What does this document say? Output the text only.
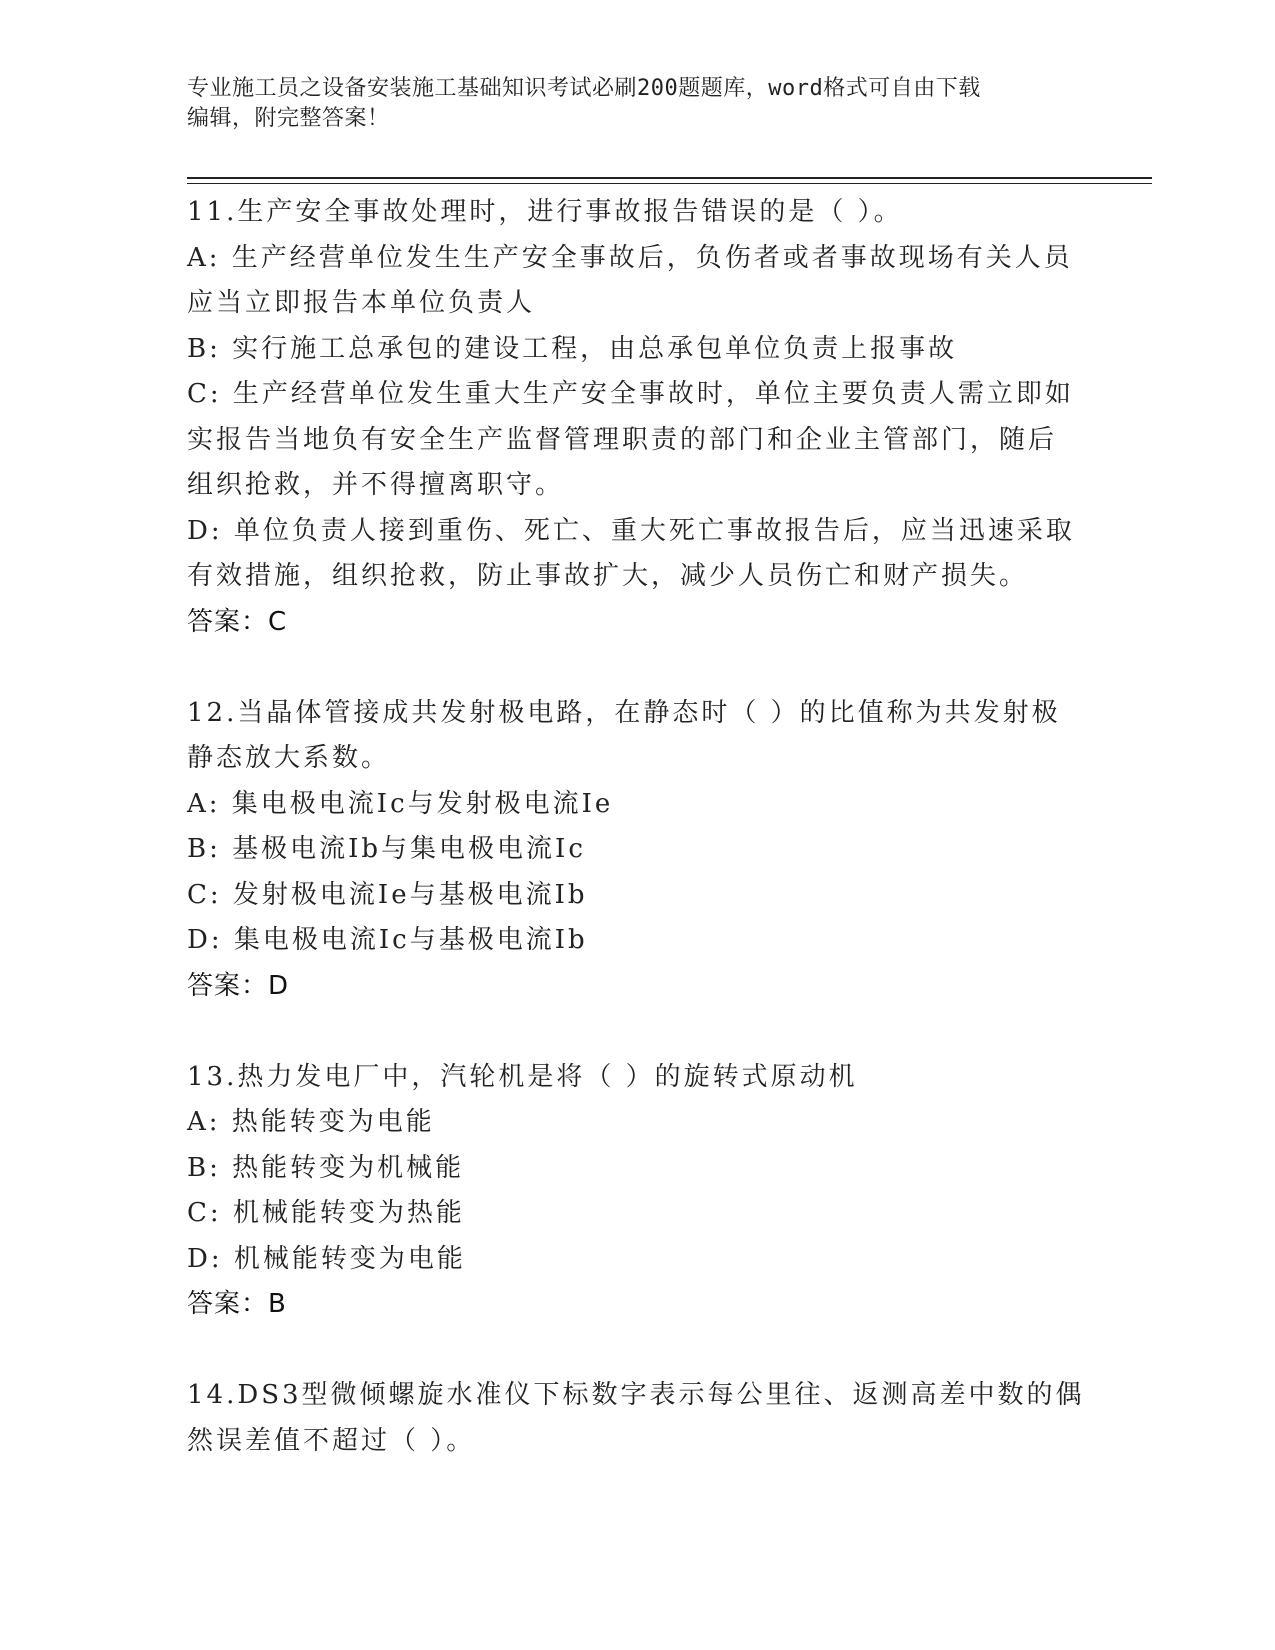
专业施工员之设备安装施工基础知识考试必刷200题题库，word格式可自由下载
编辑，附完整答案！
11.生产安全事故处理时，进行事故报告错误的是（ ）。
A: 生产经营单位发生生产安全事故后，负伤者或者事故现场有关人员
应当立即报告本单位负责人
B: 实行施工总承包的建设工程，由总承包单位负责上报事故
C: 生产经营单位发生重大生产安全事故时，单位主要负责人需立即如
实报告当地负有安全生产监督管理职责的部门和企业主管部门，随后
组织抢救，并不得擅离职守。
D: 单位负责人接到重伤、死亡、重大死亡事故报告后，应当迅速采取
有效措施，组织抢救，防止事故扩大，减少人员伤亡和财产损失。
答案：C
12.当晶体管接成共发射极电路，在静态时（ ）的比值称为共发射极
静态放大系数。
A: 集电极电流Ic与发射极电流Ie
B: 基极电流Ib与集电极电流Ic
C: 发射极电流Ie与基极电流Ib
D: 集电极电流Ic与基极电流Ib
答案：D
13.热力发电厂中，汽轮机是将（ ）的旋转式原动机
A: 热能转变为电能
B: 热能转变为机械能
C: 机械能转变为热能
D: 机械能转变为电能
答案：B
14.DS3型微倾螺旋水准仪下标数字表示每公里往、返测高差中数的偶
然误差值不超过（ ）。
